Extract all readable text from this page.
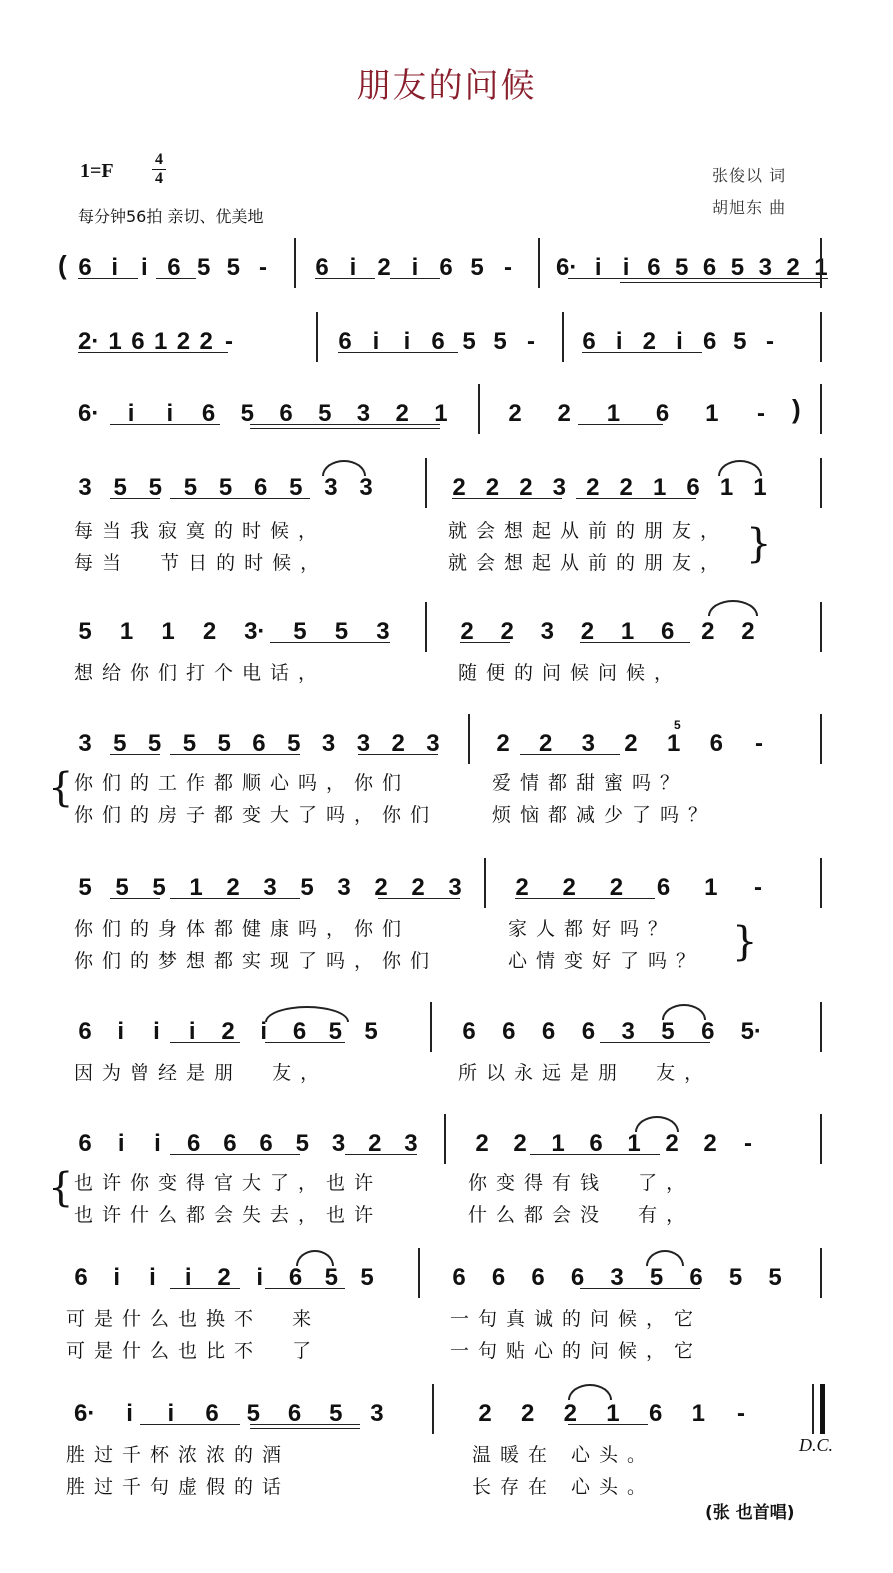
朋友的问候
1=F
4
4
每分钟56拍 亲切、优美地
张俊以 词
胡旭东 曲
( 6 i i 6 5 5 - 6 i 2 i 6 5 - 6· i i 6 5 6 5 3 2 1
2· 1 6 1 2 2 -	6 i i 6 5 5 - 6 i 2 i 6 5 -
6· i i 6 5 6 5 3 2 1	2 2 1 6 1 - )
3 5 5 5 5 6 5 3 3	2 2 2 3 2 2 1 6 1 1
每当我寂寞的时候，	就会想起从前的朋友，
每当  节日的时候，	就会想起从前的朋友， }
5 1 1 2 3· 5 5 3	2 2 3 2 1 6 2 2
想给你们打个电话，	随便的问候问候，
3 5 5 5 5 6 5 3 3 2 3 2 2 3 2 1 6 -
5
{ 你们的工作都顺心吗，你们	爱情都甜蜜吗？
你们的房子都变大了吗，你们	烦恼都减少了吗？
5 5 5 1 2 3 5 3 2 2 3 2 2 2 6 1 -
你们的身体都健康吗，你们	家人都好吗？
你们的梦想都实现了吗，你们	心情变好了吗？ }
6 i i i 2 i 6 5 5	6 6 6 6 3 5 6 5·
因为曾经是朋  友，	所以永远是朋  友，
6 i i 6 6 6 5 3 2 3 2 2 1 6 1 2 2 -
{ 也许你变得官大了，也许	你变得有钱  了，
也许什么都会失去，也许	什么都会没  有，
6 i i i 2 i 6 5 5	6 6 6 6 3 5 6 5 5
可是什么也换不  来	一句真诚的问候，它
可是什么也比不  了	一句贴心的问候，它
6· i i 6 5 6 5 3	2 2 2 1 6 1 -
胜过千杯浓浓的酒	温暖在 心头。
胜过千句虚假的话	长存在 心头。
D.C.
(张 也首唱)
